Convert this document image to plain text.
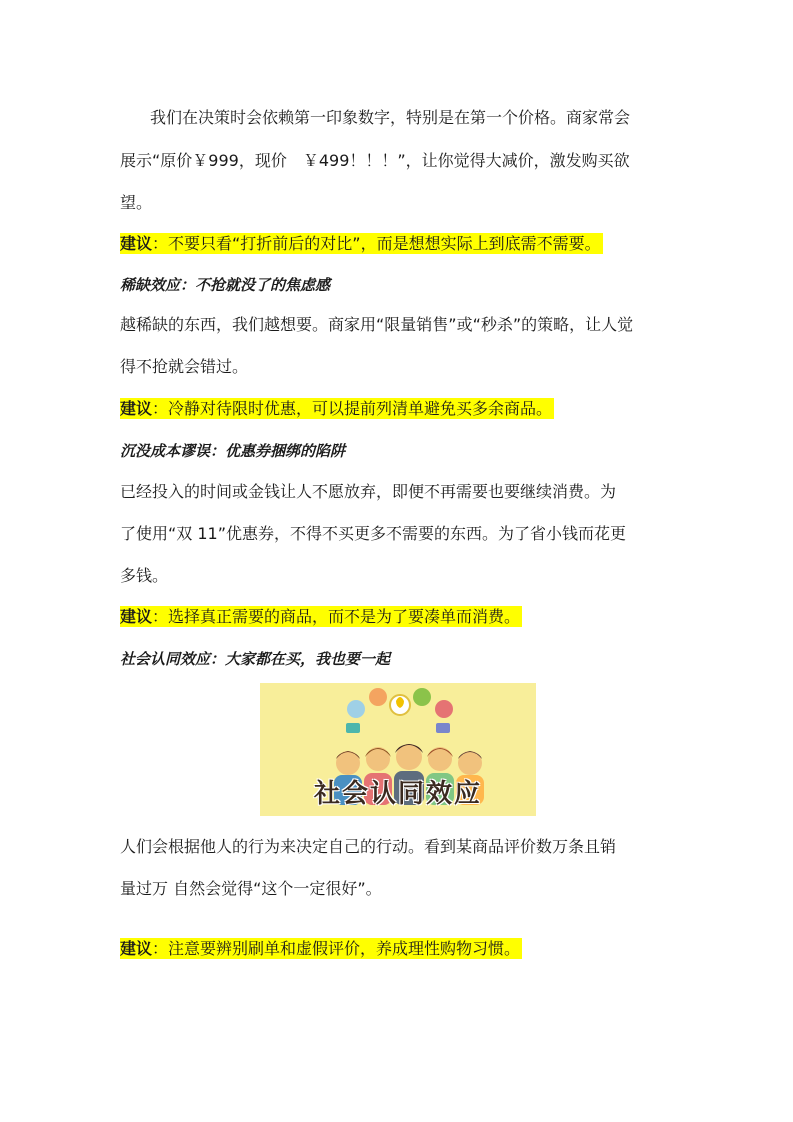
我们在决策时会依赖第一印象数字，特别是在第一个价格。商家常会
展示“原价￥999，现价　￥499！！！”，让你觉得大减价，激发购买欲
望。
建议：不要只看“打折前后的对比”，而是想想实际上到底需不需要。
稀缺效应：不抢就没了的焦虑感
越稀缺的东西，我们越想要。商家用“限量销售”或“秒杀”的策略，让人觉
得不抢就会错过。
建议：冷静对待限时优惠，可以提前列清单避免买多余商品。
沉没成本谬误：优惠券捆绑的陷阱
已经投入的时间或金钱让人不愿放弃，即便不再需要也要继续消费。为
了使用“双 11”优惠券，不得不买更多不需要的东西。为了省小钱而花更
多钱。
建议：选择真正需要的商品，而不是为了要凑单而消费。
社会认同效应：大家都在买，我也要一起
社会认同效应
人们会根据他人的行为来决定自己的行动。看到某商品评价数万条且销
量过万 自然会觉得“这个一定很好”。
建议：注意要辨别刷单和虚假评价，养成理性购物习惯。
